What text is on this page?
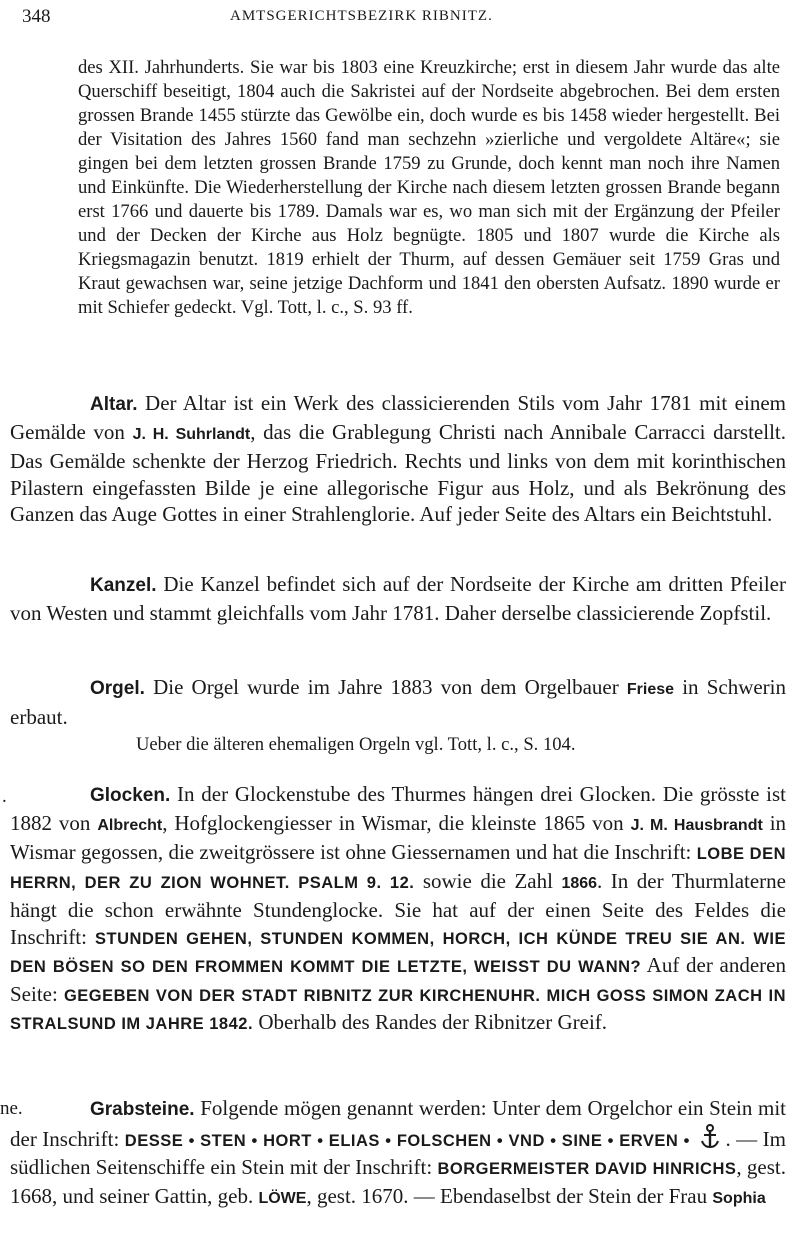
348	AMTSGERICHTSBEZIRK RIBNITZ.
des XII. Jahrhunderts. Sie war bis 1803 eine Kreuzkirche; erst in diesem Jahr wurde das alte Querschiff beseitigt, 1804 auch die Sakristei auf der Nordseite abgebrochen. Bei dem ersten grossen Brande 1455 stürzte das Gewölbe ein, doch wurde es bis 1458 wieder hergestellt. Bei der Visitation des Jahres 1560 fand man sechzehn »zierliche und vergoldete Altäre«; sie gingen bei dem letzten grossen Brande 1759 zu Grunde, doch kennt man noch ihre Namen und Einkünfte. Die Wiederherstellung der Kirche nach diesem letzten grossen Brande begann erst 1766 und dauerte bis 1789. Damals war es, wo man sich mit der Ergänzung der Pfeiler und der Decken der Kirche aus Holz begnügte. 1805 und 1807 wurde die Kirche als Kriegsmagazin benutzt. 1819 erhielt der Thurm, auf dessen Gemäuer seit 1759 Gras und Kraut gewachsen war, seine jetzige Dachform und 1841 den obersten Aufsatz. 1890 wurde er mit Schiefer gedeckt. Vgl. Tott, l. c., S. 93 ff.
Altar. Der Altar ist ein Werk des classicierenden Stils vom Jahr 1781 mit einem Gemälde von J. H. Suhrlandt, das die Grablegung Christi nach Annibale Carracci darstellt. Das Gemälde schenkte der Herzog Friedrich. Rechts und links von dem mit korinthischen Pilastern eingefassten Bilde je eine allegorische Figur aus Holz, und als Bekrönung des Ganzen das Auge Gottes in einer Strahlenglorie. Auf jeder Seite des Altars ein Beichtstuhl.
Kanzel. Die Kanzel befindet sich auf der Nordseite der Kirche am dritten Pfeiler von Westen und stammt gleichfalls vom Jahr 1781. Daher derselbe classicierende Zopfstil.
Orgel. Die Orgel wurde im Jahre 1883 von dem Orgelbauer Friese in Schwerin erbaut.
Ueber die älteren ehemaligen Orgeln vgl. Tott, l. c., S. 104.
.	Glocken. In der Glockenstube des Thurmes hängen drei Glocken. Die grösste ist 1882 von Albrecht, Hofglockengiesser in Wismar, die kleinste 1865 von J. M. Hausbrandt in Wismar gegossen, die zweitgrössere ist ohne Giessernamen und hat die Inschrift: LOBE DEN HERRN, DER ZU ZION WOHNET. PSALM 9. 12. sowie die Zahl 1866. In der Thurmlaterne hängt die schon erwähnte Stundenglocke. Sie hat auf der einen Seite des Feldes die Inschrift: STUNDEN GEHEN, STUNDEN KOMMEN, HORCH, ICH KÜNDE TREU SIE AN. WIE DEN BÖSEN SO DEN FROMMEN KOMMT DIE LETZTE, WEISST DU WANN? Auf der anderen Seite: GEGEBEN VON DER STADT RIBNITZ ZUR KIRCHENUHR. MICH GOSS SIMON ZACH IN STRALSUND IM JAHRE 1842. Oberhalb des Randes der Ribnitzer Greif.
ne.	Grabsteine. Folgende mögen genannt werden: Unter dem Orgelchor ein Stein mit der Inschrift: DESSE • STEN • HORT • ELIAS • FOLSCHEN • VND • SINE • ERVEN • . — Im südlichen Seitenschiffe ein Stein mit der Inschrift: BORGERMEISTER DAVID HINRICHS, gest. 1668, und seiner Gattin, geb. LÖWE, gest. 1670. — Ebendaselbst der Stein der Frau Sophia
